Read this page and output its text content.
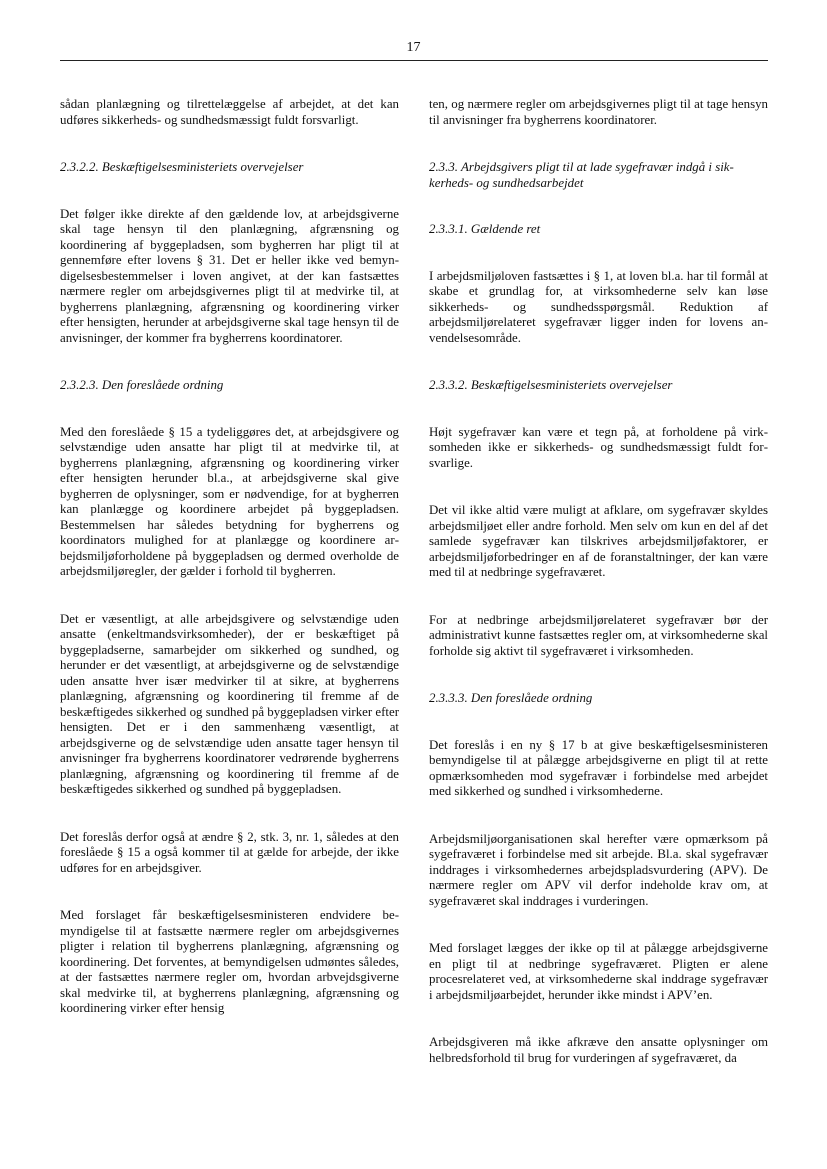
17

sådan planlægning og tilrettelæggelse af arbejdet, at det kan udføres sikkerheds- og sundhedsmæssigt fuldt forsvarligt.

2.3.2.2. Beskæftigelsesministeriets overvejelser

Det følger ikke direkte af den gældende lov, at arbejdsgiverne skal tage hensyn til den planlægning, afgrænsning og koordinering af byggepladsen, som bygherren har pligt til at gennemføre efter lovens § 31. Det er heller ikke ved bemyndigelsesbestemmelser i loven angivet, at der kan fastsættes nærmere regler om arbejdsgivernes pligt til at medvirke til, at bygherrens planlægning, afgrænsning og koordinering virker efter hensigten, herunder at arbejdsgiverne skal tage hensyn til de anvisninger, der kommer fra bygherrens koordinatorer.

2.3.2.3. Den foreslåede ordning

Med den foreslåede § 15 a tydeliggøres det, at arbejdsgivere og selvstændige uden ansatte har pligt til at medvirke til, at bygherrens planlægning, afgrænsning og koordinering virker efter hensigten herunder bl.a., at arbejdsgiverne skal give bygherren de oplysninger, som er nødvendige, for at bygherren kan planlægge og koordinere arbejdet på byggepladsen. Bestemmelsen har således betydning for bygherrens og koordinators mulighed for at planlægge og koordinere arbejdsmiljøforholdene på byggepladsen og dermed overholde de arbejdsmiljøregler, der gælder i forhold til bygherren.

Det er væsentligt, at alle arbejdsgivere og selvstændige uden ansatte (enkeltmandsvirksomheder), der er beskæftiget på byggepladserne, samarbejder om sikkerhed og sundhed, og herunder er det væsentligt, at arbejdsgiverne og de selvstændige uden ansatte hver især medvirker til at sikre, at bygherrens planlægning, afgrænsning og koordinering til fremme af de beskæftigedes sikkerhed og sundhed på byggepladsen virker efter hensigten. Det er i den sammenhæng væsentligt, at arbejdsgiverne og de selvstændige uden ansatte tager hensyn til anvisninger fra bygherrens koordinatorer vedrørende bygherrens planlægning, afgrænsning og koordinering til fremme af de beskæftigedes sikkerhed og sundhed på byggepladsen.

Det foreslås derfor også at ændre § 2, stk. 3, nr. 1, således at den foreslåede § 15 a også kommer til at gælde for arbejde, der ikke udføres for en arbejdsgiver.

Med forslaget får beskæftigelsesministeren endvidere bemyndigelse til at fastsætte nærmere regler om arbejdsgivernes pligter i relation til bygherrens planlægning, afgrænsning og koordinering. Det forventes, at bemyndigelsen udmøntes således, at der fastsættes nærmere regler om, hvordan arbvejdsgiverne skal medvirke til, at bygherrens planlægning, afgrænsning og koordinering virker efter hensig

ten, og nærmere regler om arbejdsgivernes pligt til at tage hensyn til anvisninger fra bygherrens koordinatorer.

2.3.3. Arbejdsgivers pligt til at lade sygefravær indgå i sikkerheds- og sundhedsarbejdet
2.3.3.1. Gældende ret

I arbejdsmiljøloven fastsættes i § 1, at loven bl.a. har til formål at skabe et grundlag for, at virksomhederne selv kan løse sikkerheds- og sundhedsspørgsmål. Reduktion af arbejdsmiljørelateret sygefravær ligger inden for lovens anvendelsesområde.

2.3.3.2. Beskæftigelsesministeriets overvejelser

Højt sygefravær kan være et tegn på, at forholdene på virksomheden ikke er sikkerheds- og sundhedsmæssigt fuldt forsvarlige.

Det vil ikke altid være muligt at afklare, om sygefravær skyldes arbejdsmiljøet eller andre forhold. Men selv om kun en del af det samlede sygefravær kan tilskrives arbejdsmiljøfaktorer, er arbejdsmiljøforbedringer en af de foranstaltninger, der kan være med til at nedbringe sygefraværet.

For at nedbringe arbejdsmiljørelateret sygefravær bør der administrativt kunne fastsættes regler om, at virksomhederne skal forholde sig aktivt til sygefraværet i virksomheden.

2.3.3.3. Den foreslåede ordning

Det foreslås i en ny § 17 b at give beskæftigelsesministeren bemyndigelse til at pålægge arbejdsgiverne en pligt til at rette opmærksomheden mod sygefravær i forbindelse med arbejdet med sikkerhed og sundhed i virksomhederne.

Arbejdsmiljøorganisationen skal herefter være opmærksom på sygefraværet i forbindelse med sit arbejde. Bl.a. skal sygefravær inddrages i virksomhedernes arbejdspladsvurdering (APV). De nærmere regler om APV vil derfor indeholde krav om, at sygefraværet skal inddrages i vurderingen.

Med forslaget lægges der ikke op til at pålægge arbejdsgiverne en pligt til at nedbringe sygefraværet. Pligten er alene procesrelateret ved, at virksomhederne skal inddrage sygefravær i arbejdsmiljøarbejdet, herunder ikke mindst i APV’en.

Arbejdsgiveren må ikke afkræve den ansatte oplysninger om helbredsforhold til brug for vurderingen af sygefraværet, da
